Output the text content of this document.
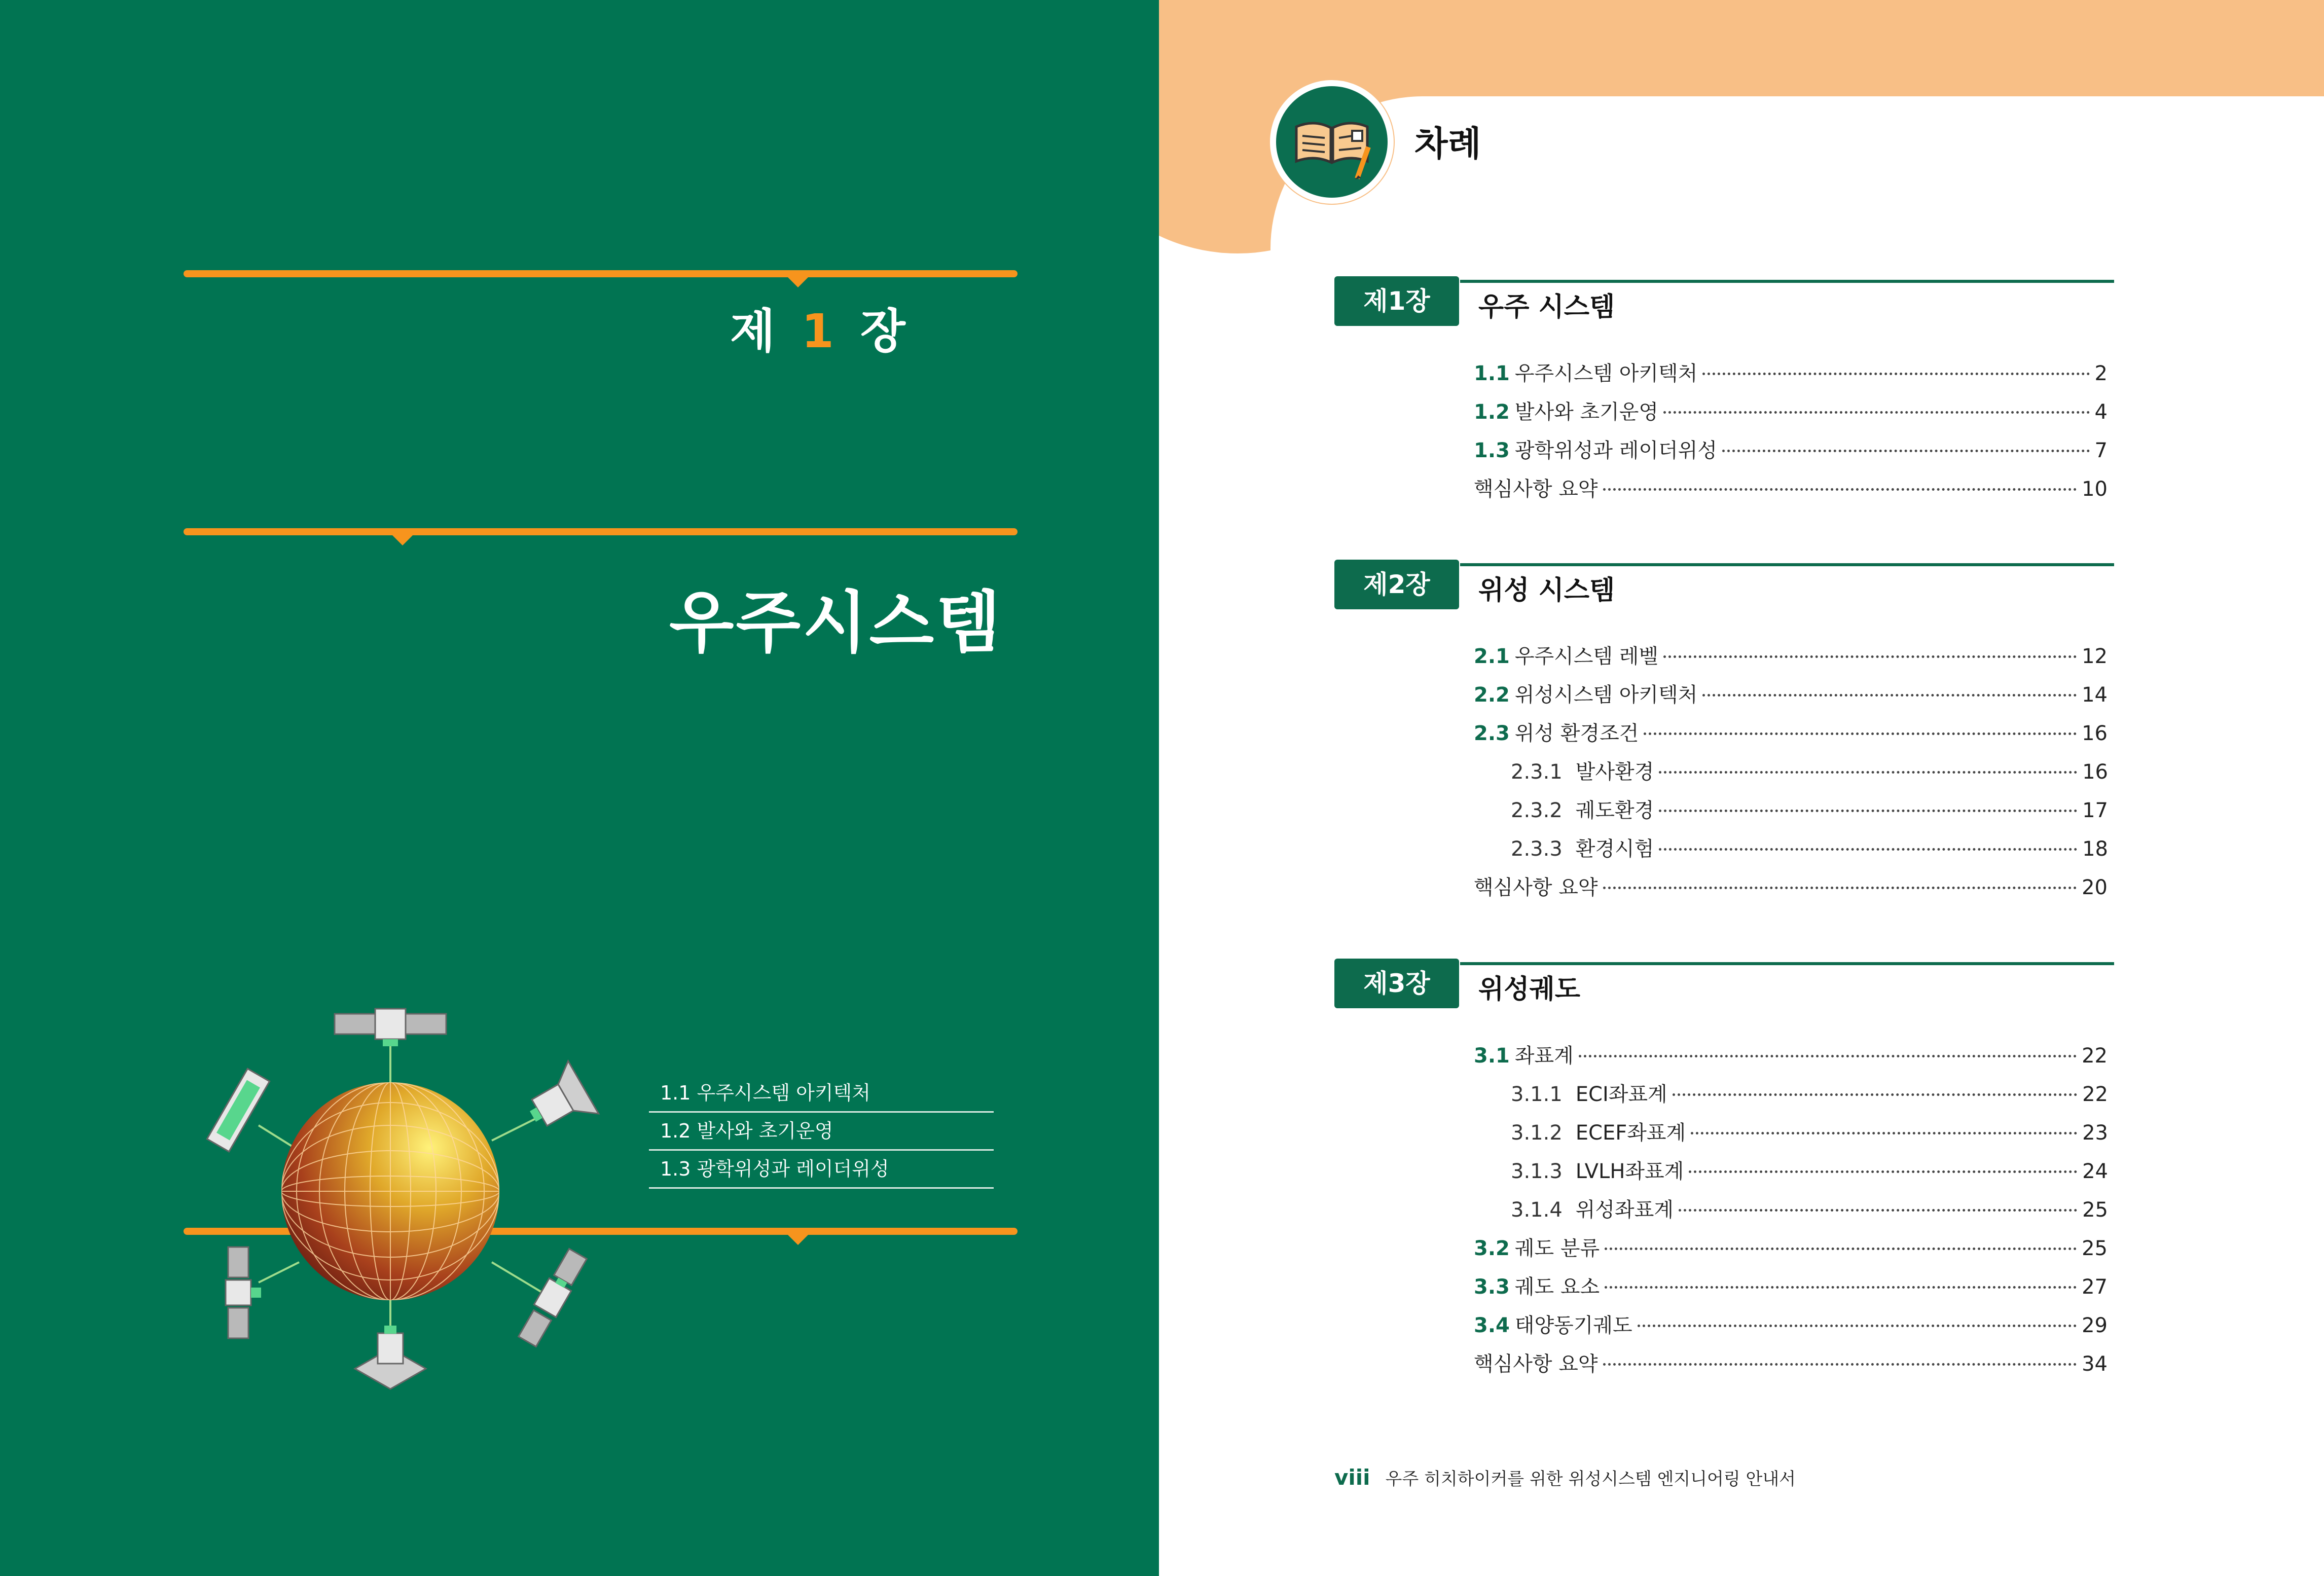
제 1 장
우주시스템
1.1 우주시스템 아키텍처
1.2 발사와 초기운영
1.3 광학위성과 레이더위성
차례
제1장	우주 시스템
1.1 우주시스템 아키텍처	2
1.2 발사와 초기운영	4
1.3 광학위성과 레이더위성	7
핵심사항 요약	10
제2장	위성 시스템
2.1 우주시스템 레벨	12
2.2 위성시스템 아키텍처	14
2.3 위성 환경조건	16
2.3.1 발사환경	16
2.3.2 궤도환경	17
2.3.3 환경시험	18
핵심사항 요약	20
제3장	위성궤도
3.1 좌표계	22
3.1.1 ECI좌표계	22
3.1.2 ECEF좌표계	23
3.1.3 LVLH좌표계	24
3.1.4 위성좌표계	25
3.2 궤도 분류	25
3.3 궤도 요소	27
3.4 태양동기궤도	29
핵심사항 요약	34
viii 우주 히치하이커를 위한 위성시스템 엔지니어링 안내서
